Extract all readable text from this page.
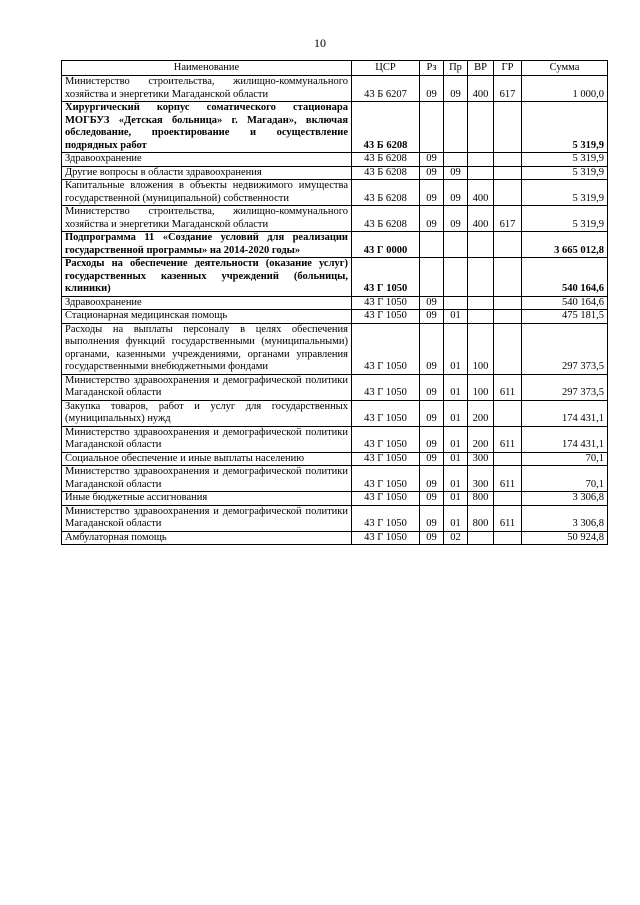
10
Наименование	ЦСР	Рз	Пр	ВР	ГР	Сумма
Министерство строительства, жилищно-коммунального хозяйства и энергетики Магаданской области	43 Б 6207	09	09	400	617	1 000,0
Хирургический корпус соматического стационара МОГБУЗ «Детская больница» г. Магадан», включая обследование, проектирование и осуществление подрядных работ	43 Б 6208					5 319,9
Здравоохранение	43 Б 6208	09				5 319,9
Другие вопросы в области здравоохранения	43 Б 6208	09	09			5 319,9
Капитальные вложения в объекты недвижимого имущества государственной (муниципальной) собственности	43 Б 6208	09	09	400		5 319,9
Министерство строительства, жилищно-коммунального хозяйства и энергетики Магаданской области	43 Б 6208	09	09	400	617	5 319,9
Подпрограмма 11 «Создание условий для реализации государственной программы» на 2014-2020 годы»	43 Г 0000					3 665 012,8
Расходы на обеспечение деятельности (оказание услуг) государственных казенных учреждений (больницы, клиники)	43 Г 1050					540 164,6
Здравоохранение	43 Г 1050	09				540 164,6
Стационарная медицинская помощь	43 Г 1050	09	01			475 181,5
Расходы на выплаты персоналу в целях обеспечения выполнения функций государственными (муниципальными) органами, казенными учреждениями, органами управления государственными внебюджетными фондами	43 Г 1050	09	01	100		297 373,5
Министерство здравоохранения и демографической политики Магаданской области	43 Г 1050	09	01	100	611	297 373,5
Закупка товаров, работ и услуг для государственных (муниципальных) нужд	43 Г 1050	09	01	200		174 431,1
Министерство здравоохранения и демографической политики Магаданской области	43 Г 1050	09	01	200	611	174 431,1
Социальное обеспечение и иные выплаты населению	43 Г 1050	09	01	300		70,1
Министерство здравоохранения и демографической политики Магаданской области	43 Г 1050	09	01	300	611	70,1
Иные бюджетные ассигнования	43 Г 1050	09	01	800		3 306,8
Министерство здравоохранения и демографической политики Магаданской области	43 Г 1050	09	01	800	611	3 306,8
Амбулаторная помощь	43 Г 1050	09	02			50 924,8
